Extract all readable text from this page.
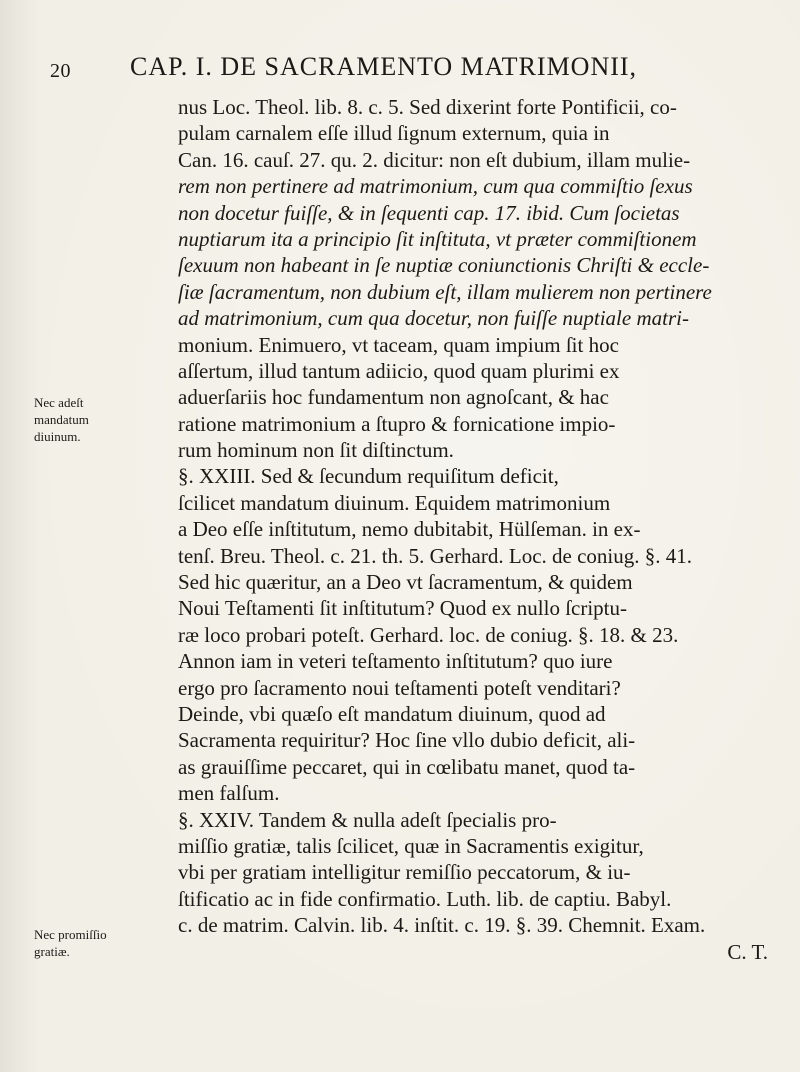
20 CAP. I. DE SACRAMENTO MATRIMONII,
Nec adeſt
mandatum
diuinum.
Nec promiſſio
gratiæ.
nus Loc. Theol. lib. 8. c. 5. Sed dixerint forte Pontificii, co-
pulam carnalem eſſe illud ſignum externum, quia in
Can. 16. cauſ. 27. qu. 2. dicitur: non eſt dubium, illam mulie-
rem non pertinere ad matrimonium, cum qua commiſtio ſexus
non docetur fuiſſe, & in ſequenti cap. 17. ibid. Cum ſocietas
nuptiarum ita a principio ſit inſtituta, vt præter commiſtionem
ſexuum non habeant in ſe nuptiæ coniunctionis Chriſti & eccle-
ſiæ ſacramentum, non dubium eſt, illam mulierem non pertinere
ad matrimonium, cum qua docetur, non fuiſſe nuptiale matri-
monium. Enimuero, vt taceam, quam impium ſit hoc
aſſertum, illud tantum adiicio, quod quam plurimi ex
aduerſariis hoc fundamentum non agnoſcant, & hac
ratione matrimonium a ſtupro & fornicatione impio-
rum hominum non ſit diſtinctum.
§. XXIII. Sed & ſecundum requiſitum deficit,
ſcilicet mandatum diuinum. Equidem matrimonium
a Deo eſſe inſtitutum, nemo dubitabit, Hülſeman. in ex-
tenſ. Breu. Theol. c. 21. th. 5. Gerhard. Loc. de coniug. §. 41.
Sed hic quæritur, an a Deo vt ſacramentum, & quidem
Noui Teſtamenti ſit inſtitutum? Quod ex nullo ſcriptu-
ræ loco probari poteſt. Gerhard. loc. de coniug. §. 18. & 23.
Annon iam in veteri teſtamento inſtitutum? quo iure
ergo pro ſacramento noui teſtamenti poteſt venditari?
Deinde, vbi quæſo eſt mandatum diuinum, quod ad
Sacramenta requiritur? Hoc ſine vllo dubio deficit, ali-
as grauiſſime peccaret, qui in cœlibatu manet, quod ta-
men falſum.
§. XXIV. Tandem & nulla adeſt ſpecialis pro-
miſſio gratiæ, talis ſcilicet, quæ in Sacramentis exigitur,
vbi per gratiam intelligitur remiſſio peccatorum, & iu-
ſtificatio ac in fide confirmatio. Luth. lib. de captiu. Babyl.
c. de matrim. Calvin. lib. 4. inſtit. c. 19. §. 39. Chemnit. Exam.
C. T.
